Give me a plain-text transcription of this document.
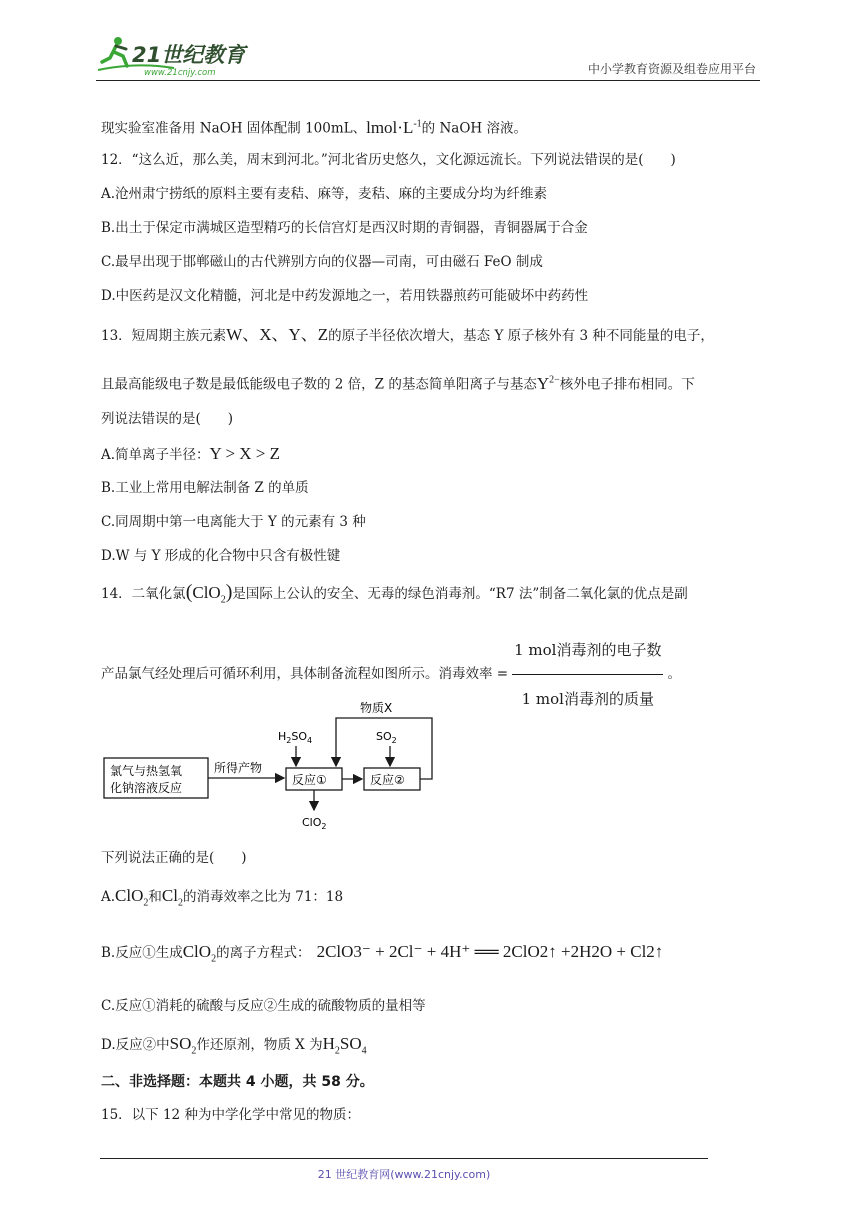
21世纪教育
www.21cnjy.com	中小学教育资源及组卷应用平台
现实验室准备用 NaOH 固体配制 100mL、$lmol\cdot L^{-1}$的 NaOH 溶液。
12．“这么近，那么美，周末到河北。”河北省历史悠久，文化源远流长。下列说法错误的是(　　)
A.沧州肃宁捞纸的原料主要有麦秸、麻等，麦秸、麻的主要成分均为纤维素
B.出土于保定市满城区造型精巧的长信宫灯是西汉时期的青铜器，青铜器属于合金
C.最早出现于邯郸磁山的古代辨别方向的仪器—司南，可由磁石 FeO 制成
D.中医药是汉文化精髓，河北是中药发源地之一，若用铁器煎药可能破坏中药药性
13．短周期主族元素W、X、Y、Z的原子半径依次增大，基态 Y 原子核外有 3 种不同能量的电子，
且最高能级电子数是最低能级电子数的 2 倍，Z 的基态简单阳离子与基态$Y^{2-}$核外电子排布相同。下
列说法错误的是(　　)
A.简单离子半径：Y > X > Z
B.工业上常用电解法制备 Z 的单质
C.同周期中第一电离能大于 Y 的元素有 3 种
D.W 与 Y 形成的化合物中只含有极性键
14．二氧化氯(ClO$_2$)是国际上公认的安全、无毒的绿色消毒剂。“R7 法”制备二氧化氯的优点是副
产品氯气经处理后可循环利用，具体制备流程如图所示。消毒效率 = $\frac{\text{1 mol消毒剂的电子数}}{\text{1 mol消毒剂的质量}}$ 。
氯气与热氢氧
化钠溶液反应
所得产物
反应①	反应②
物质X
$H_2SO_4$	$SO_2$
ClO$_2$
下列说法正确的是(　　)
A.ClO$_2$和$Cl_2$的消毒效率之比为 71：18
B.反应①生成ClO$_2$的离子方程式： 2ClO3⁻ + 2Cl⁻ + 4H⁺ ══ 2ClO2↑ +2H2O + Cl2↑
C.反应①消耗的硫酸与反应②生成的硫酸物质的量相等
D.反应②中$SO_2$作还原剂，物质 X 为$H_2SO_4$
二、非选择题：本题共 4 小题，共 58 分。
15．以下 12 种为中学化学中常见的物质：
21 世纪教育网(www.21cnjy.com)
